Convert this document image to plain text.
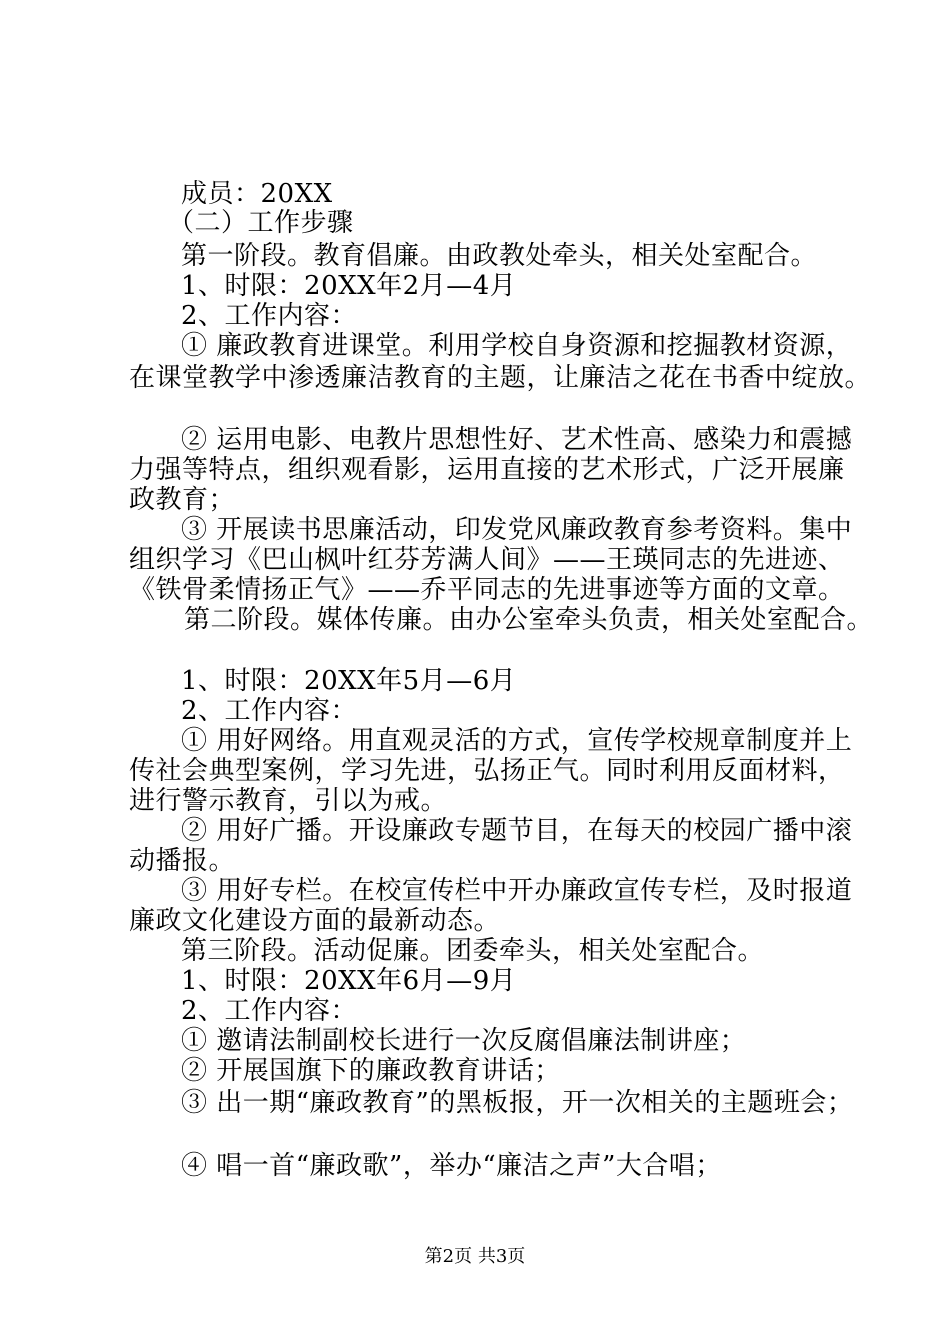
成员：20XX
（二）工作步骤
第一阶段。教育倡廉。由政教处牵头，相关处室配合。
1、时限：20XX年2月—4月
2、工作内容：
① 廉政教育进课堂。利用学校自身资源和挖掘教材资源，
在课堂教学中渗透廉洁教育的主题，让廉洁之花在书香中绽放。
② 运用电影、电教片思想性好、艺术性高、感染力和震撼
力强等特点，组织观看影，运用直接的艺术形式，广泛开展廉
政教育；
③ 开展读书思廉活动，印发党风廉政教育参考资料。集中
组织学习《巴山枫叶红芬芳满人间》——王瑛同志的先进迹、
《铁骨柔情扬正气》——乔平同志的先进事迹等方面的文章。
第二阶段。媒体传廉。由办公室牵头负责，相关处室配合。
1、时限：20XX年5月—6月
2、工作内容：
① 用好网络。用直观灵活的方式，宣传学校规章制度并上
传社会典型案例，学习先进，弘扬正气。同时利用反面材料，
进行警示教育，引以为戒。
② 用好广播。开设廉政专题节目，在每天的校园广播中滚
动播报。
③ 用好专栏。在校宣传栏中开办廉政宣传专栏，及时报道
廉政文化建设方面的最新动态。
第三阶段。活动促廉。团委牵头，相关处室配合。
1、时限：20XX年6月—9月
2、工作内容：
① 邀请法制副校长进行一次反腐倡廉法制讲座；
② 开展国旗下的廉政教育讲话；
③ 出一期“廉政教育”的黑板报，开一次相关的主题班会；
④ 唱一首“廉政歌”，举办“廉洁之声”大合唱；
第2页 共3页
